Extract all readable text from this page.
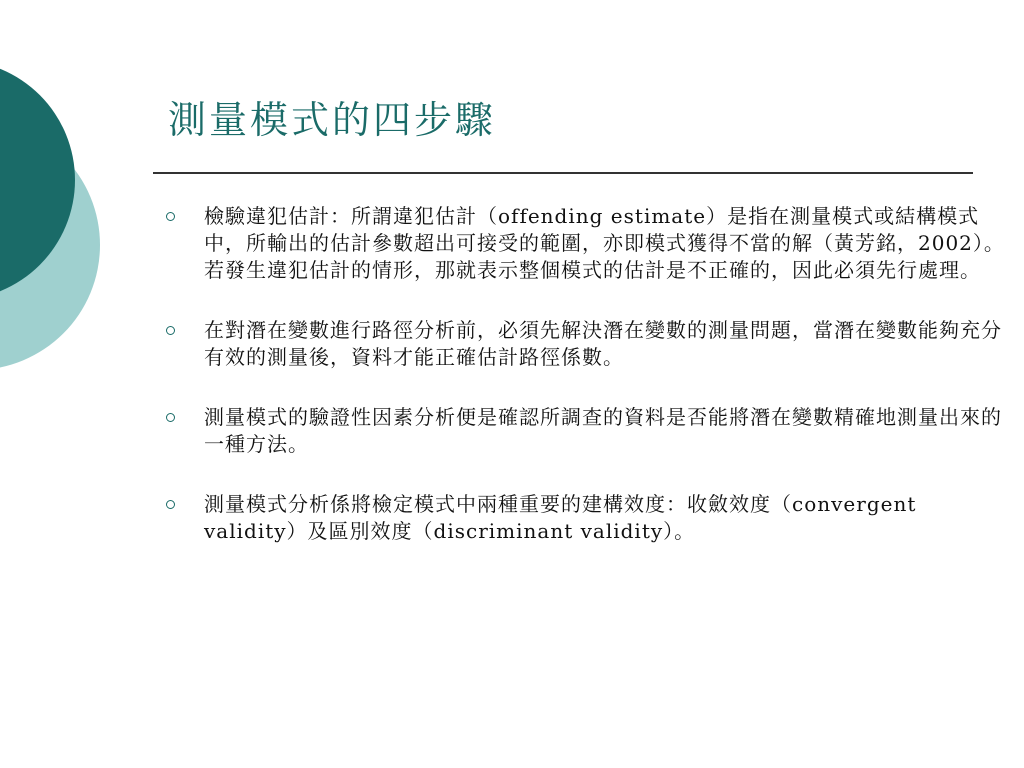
測量模式的四步驟
檢驗違犯估計：所謂違犯估計（offending estimate）是指在測量模式或結構模式中，所輸出的估計參數超出可接受的範圍，亦即模式獲得不當的解（黃芳銘，2002）。若發生違犯估計的情形，那就表示整個模式的估計是不正確的，因此必須先行處理。
在對潛在變數進行路徑分析前，必須先解決潛在變數的測量問題，當潛在變數能夠充分有效的測量後，資料才能正確估計路徑係數。
測量模式的驗證性因素分析便是確認所調查的資料是否能將潛在變數精確地測量出來的一種方法。
測量模式分析係將檢定模式中兩種重要的建構效度：收斂效度（convergent validity）及區別效度（discriminant validity）。
